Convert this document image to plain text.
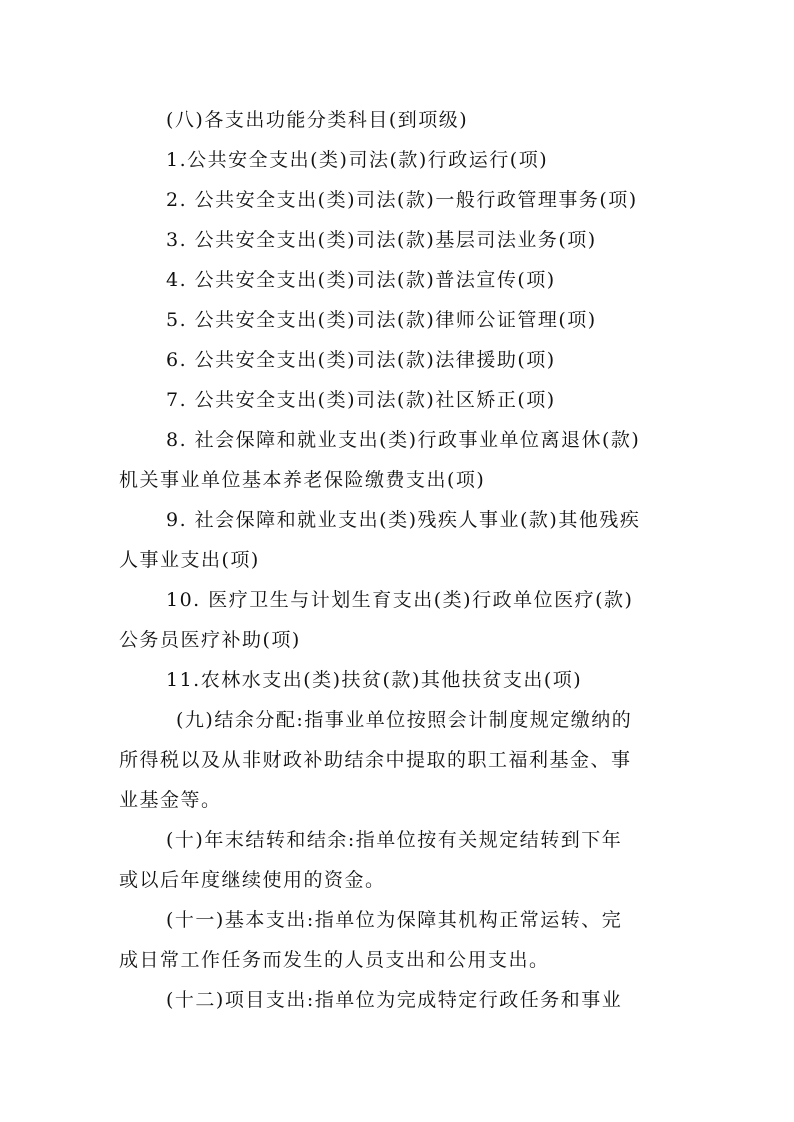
(八)各支出功能分类科目(到项级)
1.公共安全支出(类)司法(款)行政运行(项)
2. 公共安全支出(类)司法(款)一般行政管理事务(项)
3. 公共安全支出(类)司法(款)基层司法业务(项)
4. 公共安全支出(类)司法(款)普法宣传(项)
5. 公共安全支出(类)司法(款)律师公证管理(项)
6. 公共安全支出(类)司法(款)法律援助(项)
7. 公共安全支出(类)司法(款)社区矫正(项)
8. 社会保障和就业支出(类)行政事业单位离退休(款)
机关事业单位基本养老保险缴费支出(项)
9. 社会保障和就业支出(类)残疾人事业(款)其他残疾
人事业支出(项)
10. 医疗卫生与计划生育支出(类)行政单位医疗(款)
公务员医疗补助(项)
11.农林水支出(类)扶贫(款)其他扶贫支出(项)
(九)结余分配:指事业单位按照会计制度规定缴纳的
所得税以及从非财政补助结余中提取的职工福利基金、事
业基金等。
(十)年末结转和结余:指单位按有关规定结转到下年
或以后年度继续使用的资金。
(十一)基本支出:指单位为保障其机构正常运转、完
成日常工作任务而发生的人员支出和公用支出。
(十二)项目支出:指单位为完成特定行政任务和事业
